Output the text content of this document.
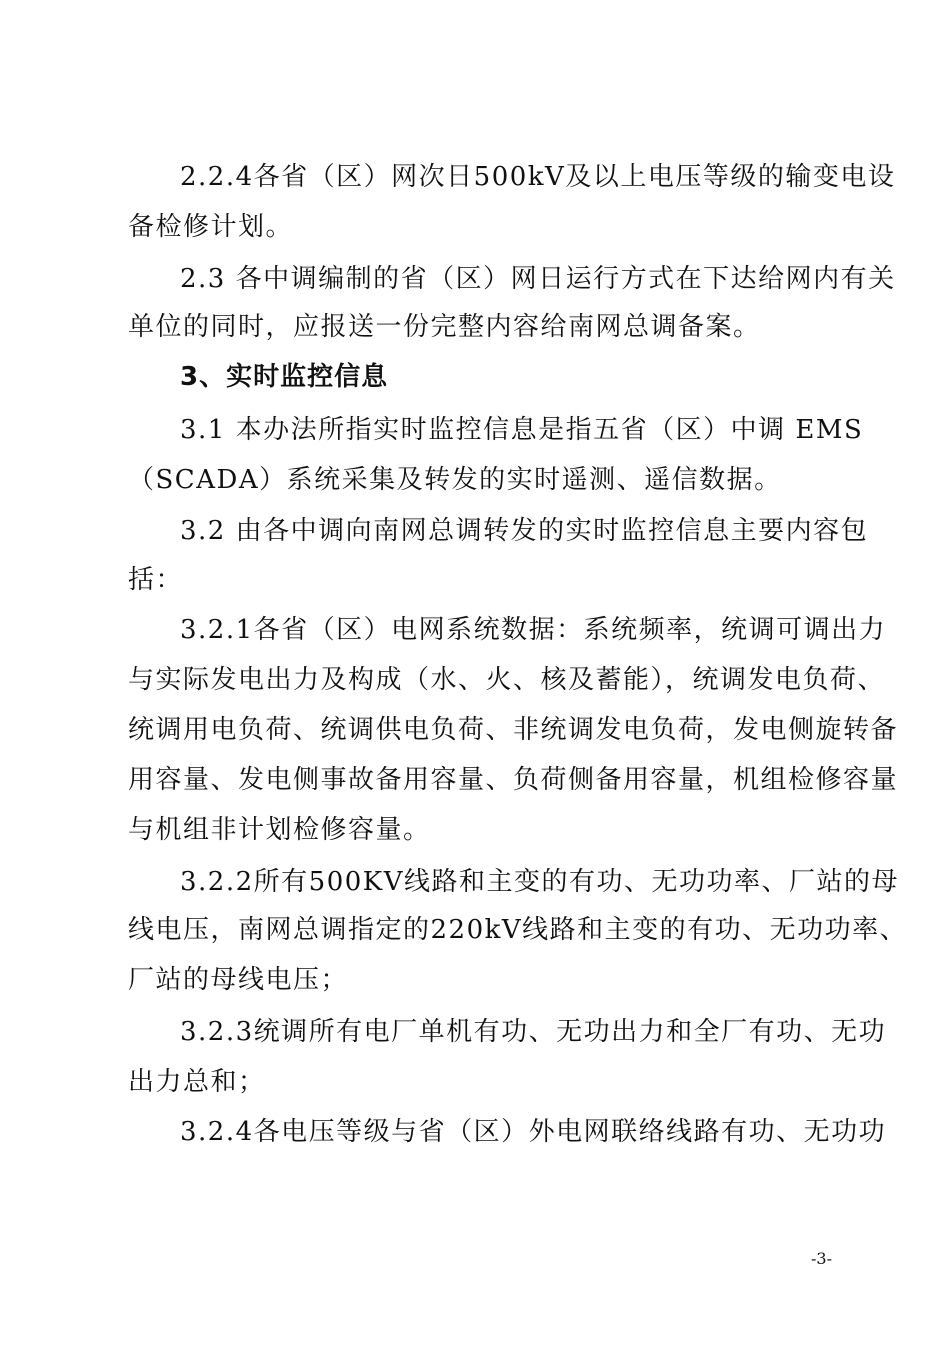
2.2.4各省（区）网次日500kV及以上电压等级的输变电设
备检修计划。
2.3 各中调编制的省（区）网日运行方式在下达给网内有关
单位的同时，应报送一份完整内容给南网总调备案。
3、实时监控信息
3.1 本办法所指实时监控信息是指五省（区）中调 EMS
（SCADA）系统采集及转发的实时遥测、遥信数据。
3.2 由各中调向南网总调转发的实时监控信息主要内容包
括：
3.2.1各省（区）电网系统数据：系统频率，统调可调出力
与实际发电出力及构成（水、火、核及蓄能），统调发电负荷、
统调用电负荷、统调供电负荷、非统调发电负荷，发电侧旋转备
用容量、发电侧事故备用容量、负荷侧备用容量，机组检修容量
与机组非计划检修容量。
3.2.2所有500KV线路和主变的有功、无功功率、厂站的母
线电压，南网总调指定的220kV线路和主变的有功、无功功率、
厂站的母线电压；
3.2.3统调所有电厂单机有功、无功出力和全厂有功、无功
出力总和；
3.2.4各电压等级与省（区）外电网联络线路有功、无功功
-3-
